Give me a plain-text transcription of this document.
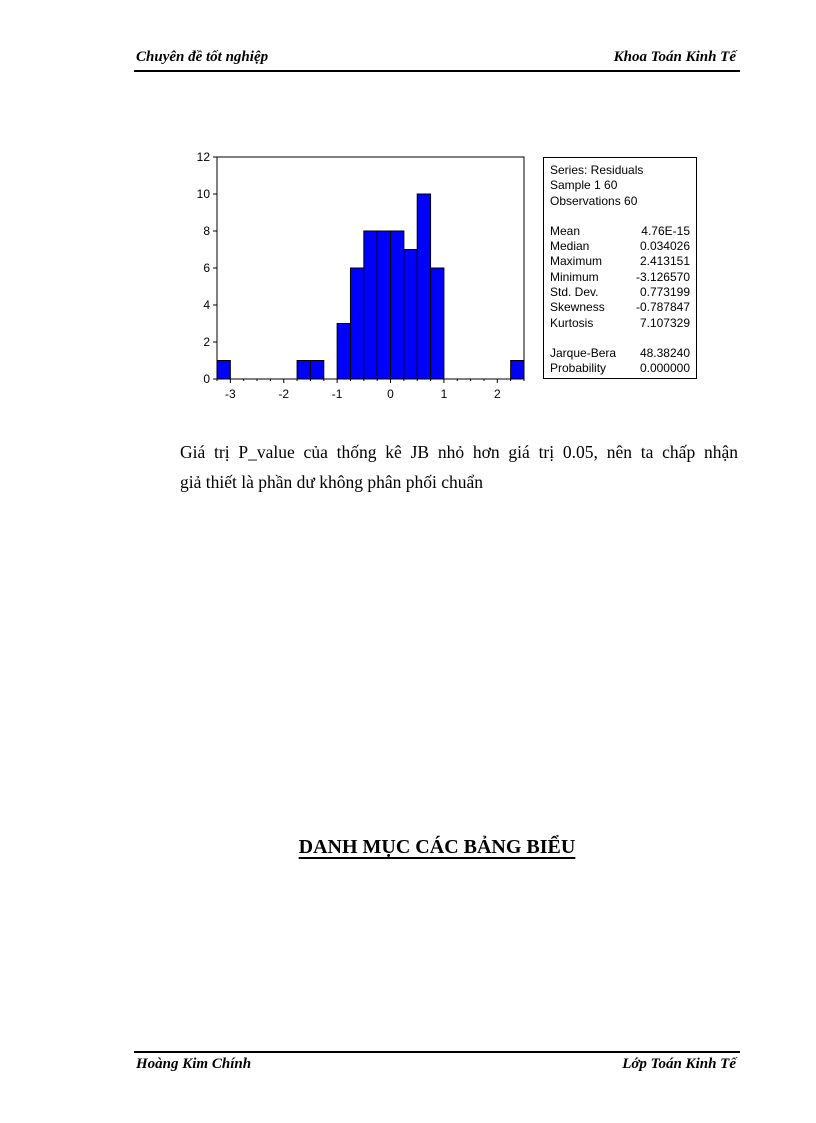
Chuyên đề tốt nghiệp	Khoa Toán Kinh Tế
0
2
4
6
8
10
12
-3	-2	-1	0	1	2
Series: Residuals
Sample 1 60
Observations 60
Mean	4.76E-15
Median	0.034026
Maximum	2.413151
Minimum	-3.126570
Std. Dev.	0.773199
Skewness	-0.787847
Kurtosis	7.107329
Jarque-Bera 48.38240
Probability	0.000000
Giá trị P_value của thống kê JB nhỏ hơn giá trị 0.05, nên ta chấp nhận
giả thiết là phần dư không phân phối chuẩn
DANH MỤC CÁC BẢNG BIỂU
Hoàng Kim Chính	Lớp Toán Kinh Tế
